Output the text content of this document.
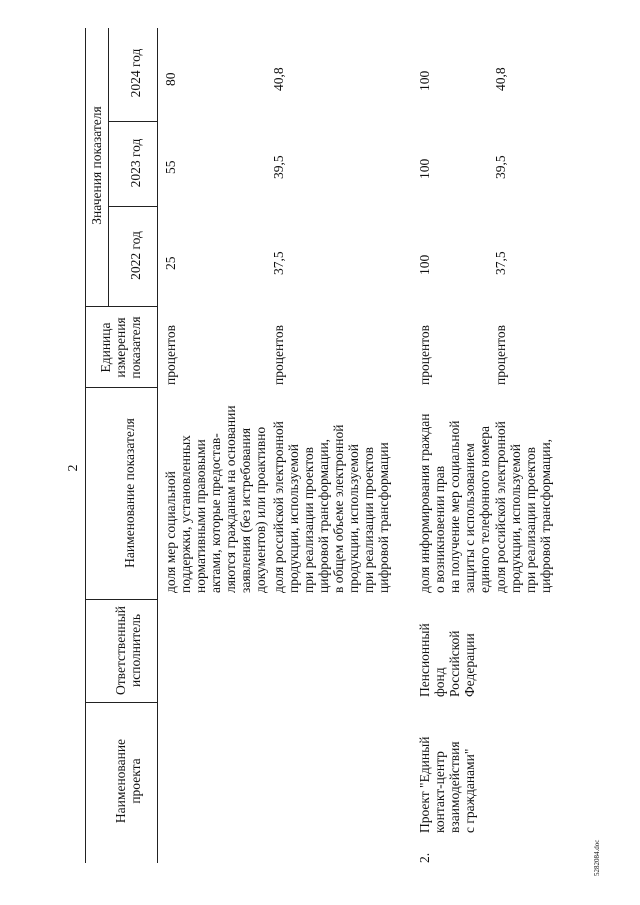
2
5282084.doc
Наименование
проекта
Ответственный
исполнитель
Наименование показателя
Единица
измерения
показателя
Значения показателя
2022 год
2023 год
2024 год
доля мер социальной
поддержки, установленных
нормативными правовыми
актами, которые предостав-
ляются гражданам на основании
заявления (без истребования
документов) или проактивно
процентов
25
55
80
доля российской электронной
продукции, используемой
при реализации проектов
цифровой трансформации,
в общем объеме электронной
продукции, используемой
при реализации проектов
цифровой трансформации
процентов
37,5
39,5
40,8
2.
Проект "Единый
контакт-центр
взаимодействия
с гражданами"
Пенсионный
фонд
Российской
Федерации
доля информирования граждан
о возникновении прав
на получение мер социальной
защиты с использованием
единого телефонного номера
процентов
100
100
100
доля российской электронной
продукции, используемой
при реализации проектов
цифровой трансформации,
процентов
37,5
39,5
40,8
